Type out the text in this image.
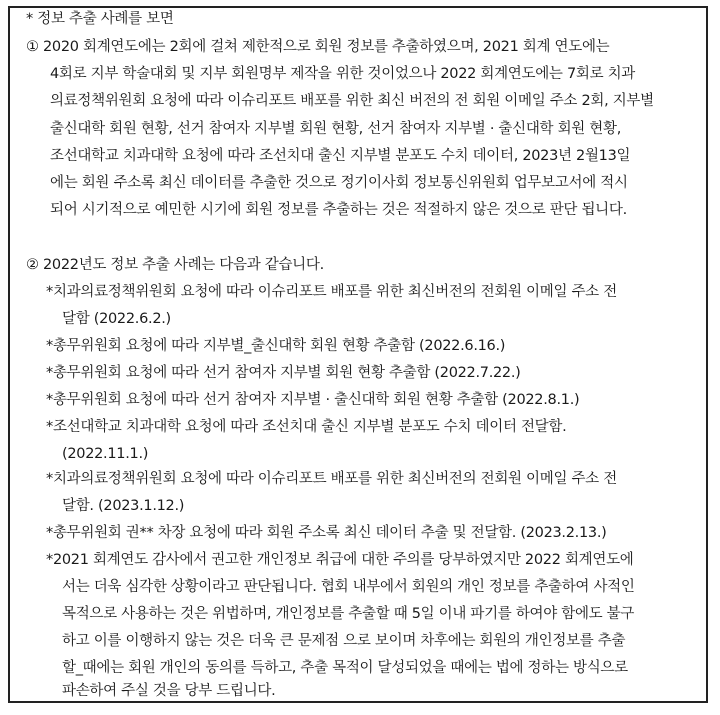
* 정보 추출 사례를 보면
① 2020 회계연도에는 2회에 걸쳐 제한적으로 회원 정보를 추출하였으며, 2021 회계 연도에는
4회로 지부 학술대회 및 지부 회원명부 제작을 위한 것이었으나 2022 회계연도에는 7회로 치과
의료정책위원회 요청에 따라 이슈리포트 배포를 위한 최신 버전의 전 회원 이메일 주소 2회, 지부별
출신대학 회원 현황, 선거 참여자 지부별 회원 현황, 선거 참여자 지부별 · 출신대학 회원 현황,
조선대학교 치과대학 요청에 따라 조선치대 출신 지부별 분포도 수치 데이터, 2023년 2월13일
에는 회원 주소록 최신 데이터를 추출한 것으로 정기이사회 정보통신위원회 업무보고서에 적시
되어 시기적으로 예민한 시기에 회원 정보를 추출하는 것은 적절하지 않은 것으로 판단 됩니다.
② 2022년도 정보 추출 사례는 다음과 같습니다.
*치과의료정책위원회 요청에 따라 이슈리포트 배포를 위한 최신버전의 전회원 이메일 주소 전
달함 (2022.6.2.)
*총무위원회 요청에 따라 지부별_출신대학 회원 현황 추출함 (2022.6.16.)
*총무위원회 요청에 따라 선거 참여자 지부별 회원 현황 추출함 (2022.7.22.)
*총무위원회 요청에 따라 선거 참여자 지부별 · 출신대학 회원 현황 추출함 (2022.8.1.)
*조선대학교 치과대학 요청에 따라 조선치대 출신 지부별 분포도 수치 데이터 전달함.
(2022.11.1.)
*치과의료정책위원회 요청에 따라 이슈리포트 배포를 위한 최신버전의 전회원 이메일 주소 전
달함. (2023.1.12.)
*총무위원회 권** 차장 요청에 따라 회원 주소록 최신 데이터 추출 및 전달함. (2023.2.13.)
*2021 회계연도 감사에서 권고한 개인정보 취급에 대한 주의를 당부하였지만 2022 회계연도에
서는 더욱 심각한 상황이라고 판단됩니다. 협회 내부에서 회원의 개인 정보를 추출하여 사적인
목적으로 사용하는 것은 위법하며, 개인정보를 추출할 때 5일 이내 파기를 하여야 함에도 불구
하고 이를 이행하지 않는 것은 더욱 큰 문제점 으로 보이며 차후에는 회원의 개인정보를 추출
할_때에는 회원 개인의 동의를 득하고, 추출 목적이 달성되었을 때에는 법에 정하는 방식으로
파손하여 주실 것을 당부 드립니다.
